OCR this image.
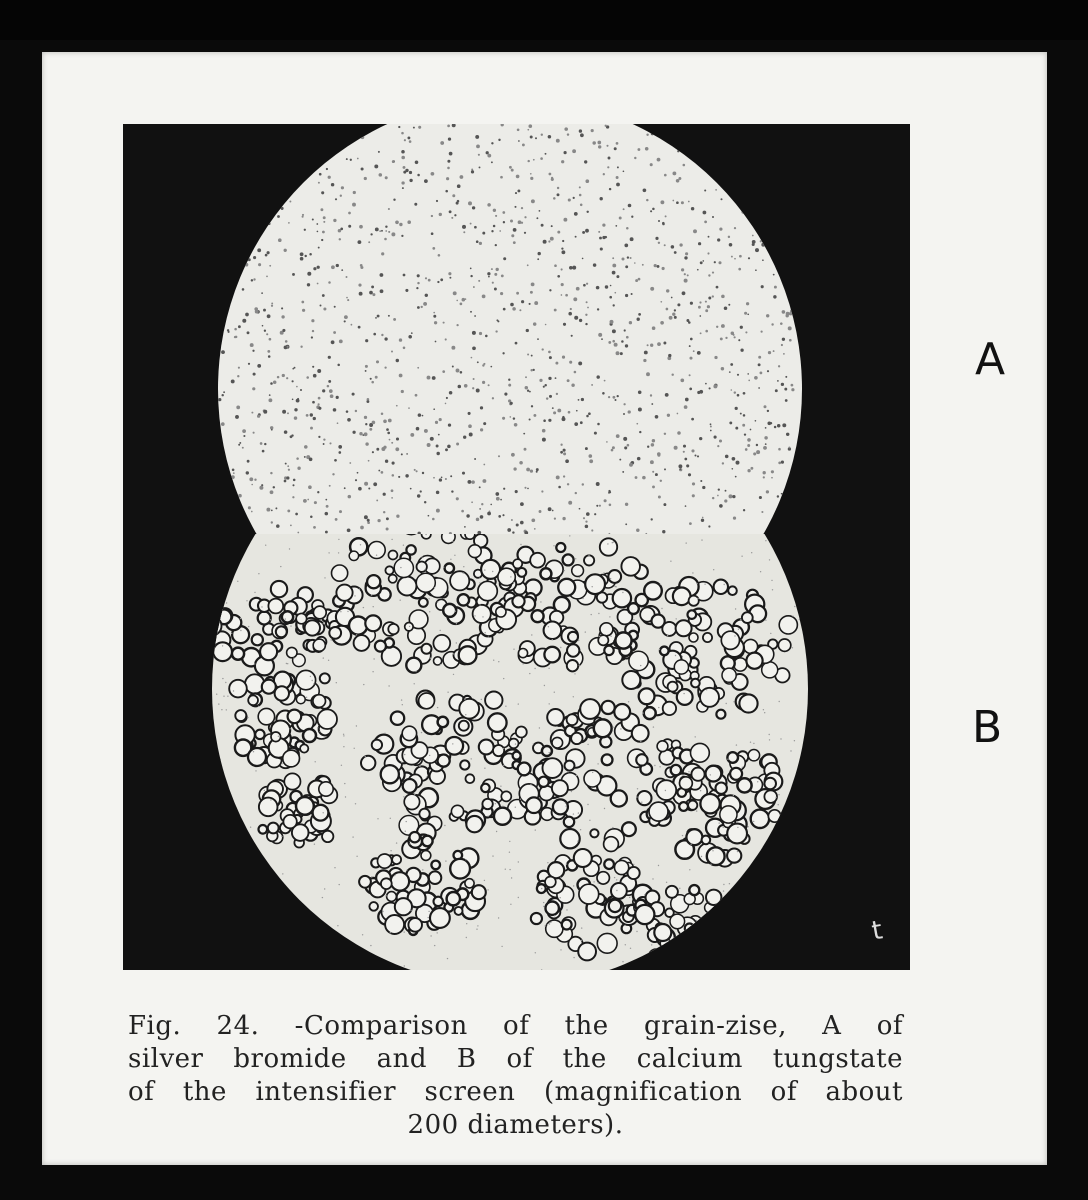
t
A
B
Fig. 24. -Comparison of the grain-zise, A of
silver bromide and B of the calcium tungstate
of the intensifier screen (magnification of about
200 diameters).
